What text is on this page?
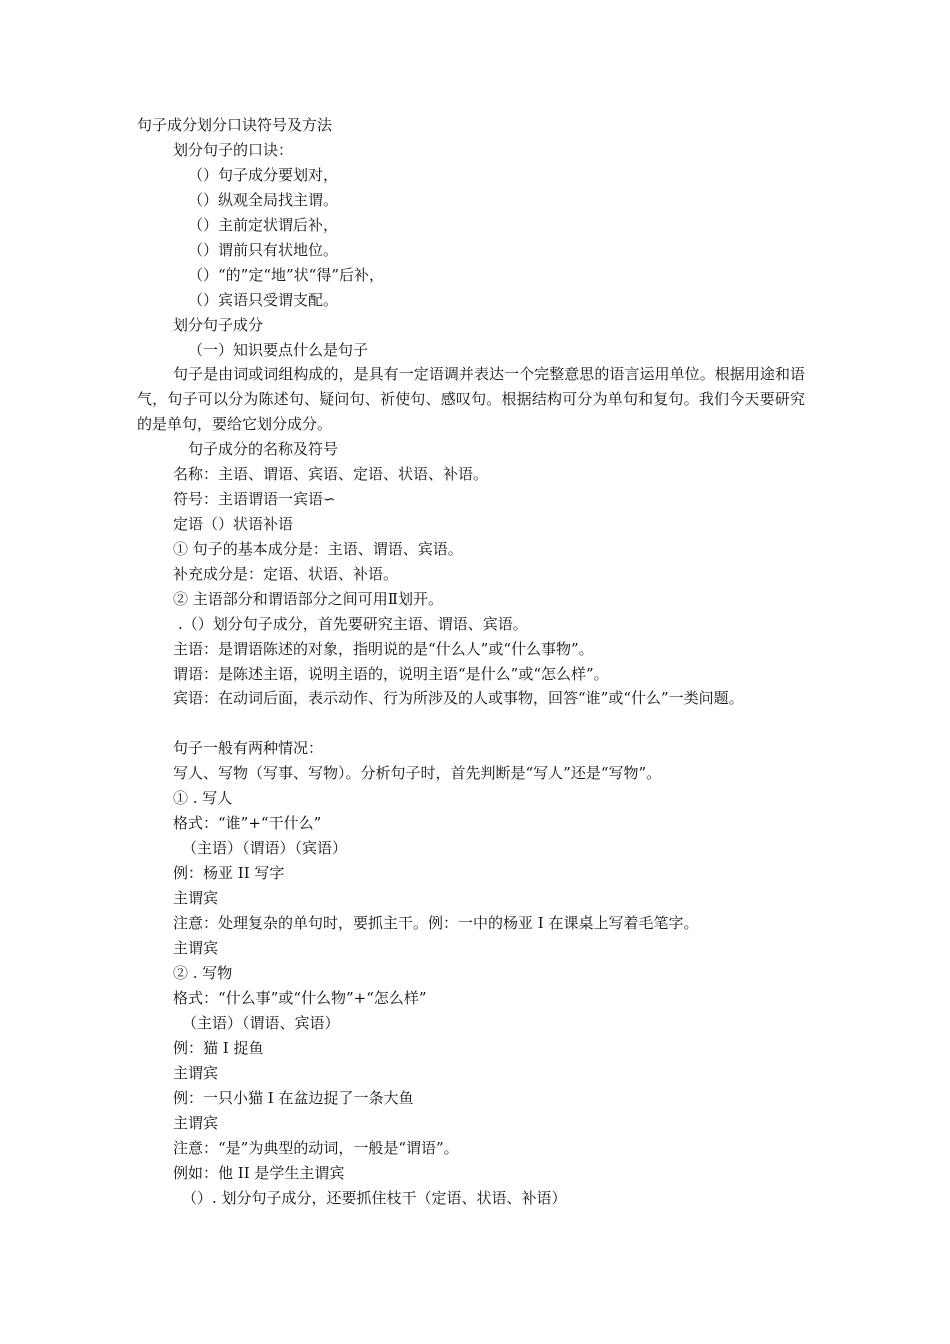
句子成分划分口诀符号及方法
划分句子的口诀：
（）句子成分要划对，
（）纵观全局找主谓。
（）主前定状谓后补，
（）谓前只有状地位。
（）“的”定“地”状“得”后补，
（）宾语只受谓支配。
划分句子成分
（一）知识要点什么是句子
句子是由词或词组构成的，是具有一定语调并表达一个完整意思的语言运用单位。根据用途和语气，句子可以分为陈述句、疑问句、祈使句、感叹句。根据结构可分为单句和复句。我们今天要研究的是单句，要给它划分成分。
句子成分的名称及符号
名称：主语、谓语、宾语、定语、状语、补语。
符号：主语谓语一宾语∽
定语（）状语补语
① 句子的基本成分是：主语、谓语、宾语。
补充成分是：定语、状语、补语。
② 主语部分和谓语部分之间可用Ⅱ划开。
.（）划分句子成分，首先要研究主语、谓语、宾语。
主语：是谓语陈述的对象，指明说的是“什么人”或“什么事物”。
谓语：是陈述主语，说明主语的，说明主语“是什么”或“怎么样”。
宾语：在动词后面，表示动作、行为所涉及的人或事物，回答“谁”或“什么”一类问题。
句子一般有两种情况：
写人、写物（写事、写物）。分析句子时，首先判断是“写人”还是“写物”。
① . 写人
格式：“谁”+“干什么”
（主语）（谓语）（宾语）
例：杨亚 II 写字
主谓宾
注意：处理复杂的单句时，要抓主干。例：一中的杨亚 I 在课桌上写着毛笔字。
主谓宾
② . 写物
格式：“什么事”或“什么物”+“怎么样”
（主语）（谓语、宾语）
例：猫 I 捉鱼
主谓宾
例：一只小猫 I 在盆边捉了一条大鱼
主谓宾
注意：“是”为典型的动词，一般是“谓语”。
例如：他 II 是学生主谓宾
（）. 划分句子成分，还要抓住枝干（定语、状语、补语）
